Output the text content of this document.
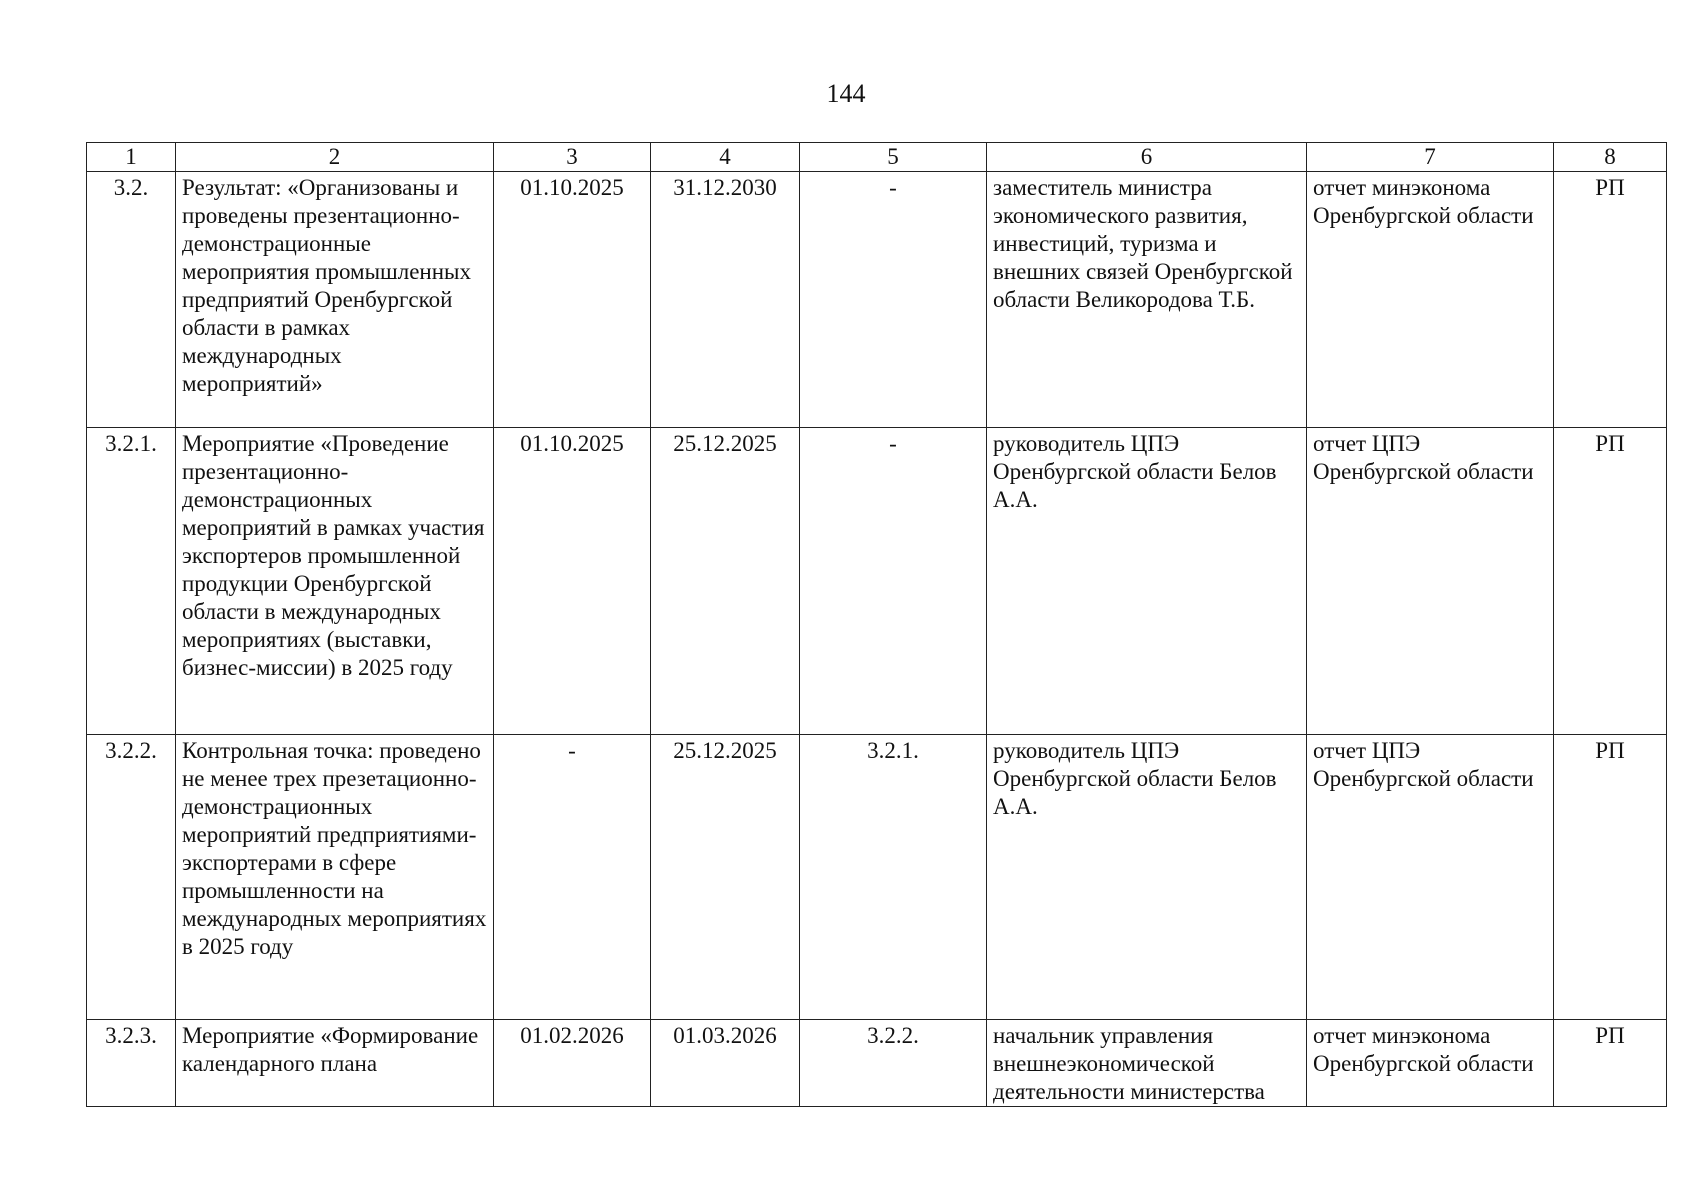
144
1	2	3	4	5	6	7	8
3.2.	Результат: «Организованы и проведены презентационно-демонстрационные мероприятия промышленных предприятий Оренбургской области в рамках международных мероприятий»	01.10.2025	31.12.2030	-	заместитель министра экономического развития, инвестиций, туризма и внешних связей Оренбургской области Великородова Т.Б.	отчет минэконома Оренбургской области	РП
3.2.1.	Мероприятие «Проведение презентационно-демонстрационных мероприятий в рамках участия экспортеров промышленной продукции Оренбургской области в международных мероприятиях (выставки, бизнес-миссии) в 2025 году	01.10.2025	25.12.2025	-	руководитель ЦПЭ Оренбургской области Белов А.А.	отчет ЦПЭ Оренбургской области	РП
3.2.2.	Контрольная точка: проведено не менее трех презетационно-демонстрационных мероприятий предприятиями-экспортерами в сфере промышленности на международных мероприятиях в 2025 году	-	25.12.2025	3.2.1.	руководитель ЦПЭ Оренбургской области Белов А.А.	отчет ЦПЭ Оренбургской области	РП
3.2.3.	Мероприятие «Формирование календарного плана	01.02.2026	01.03.2026	3.2.2.	начальник управления внешнеэкономической деятельности министерства	отчет минэконома Оренбургской области	РП
